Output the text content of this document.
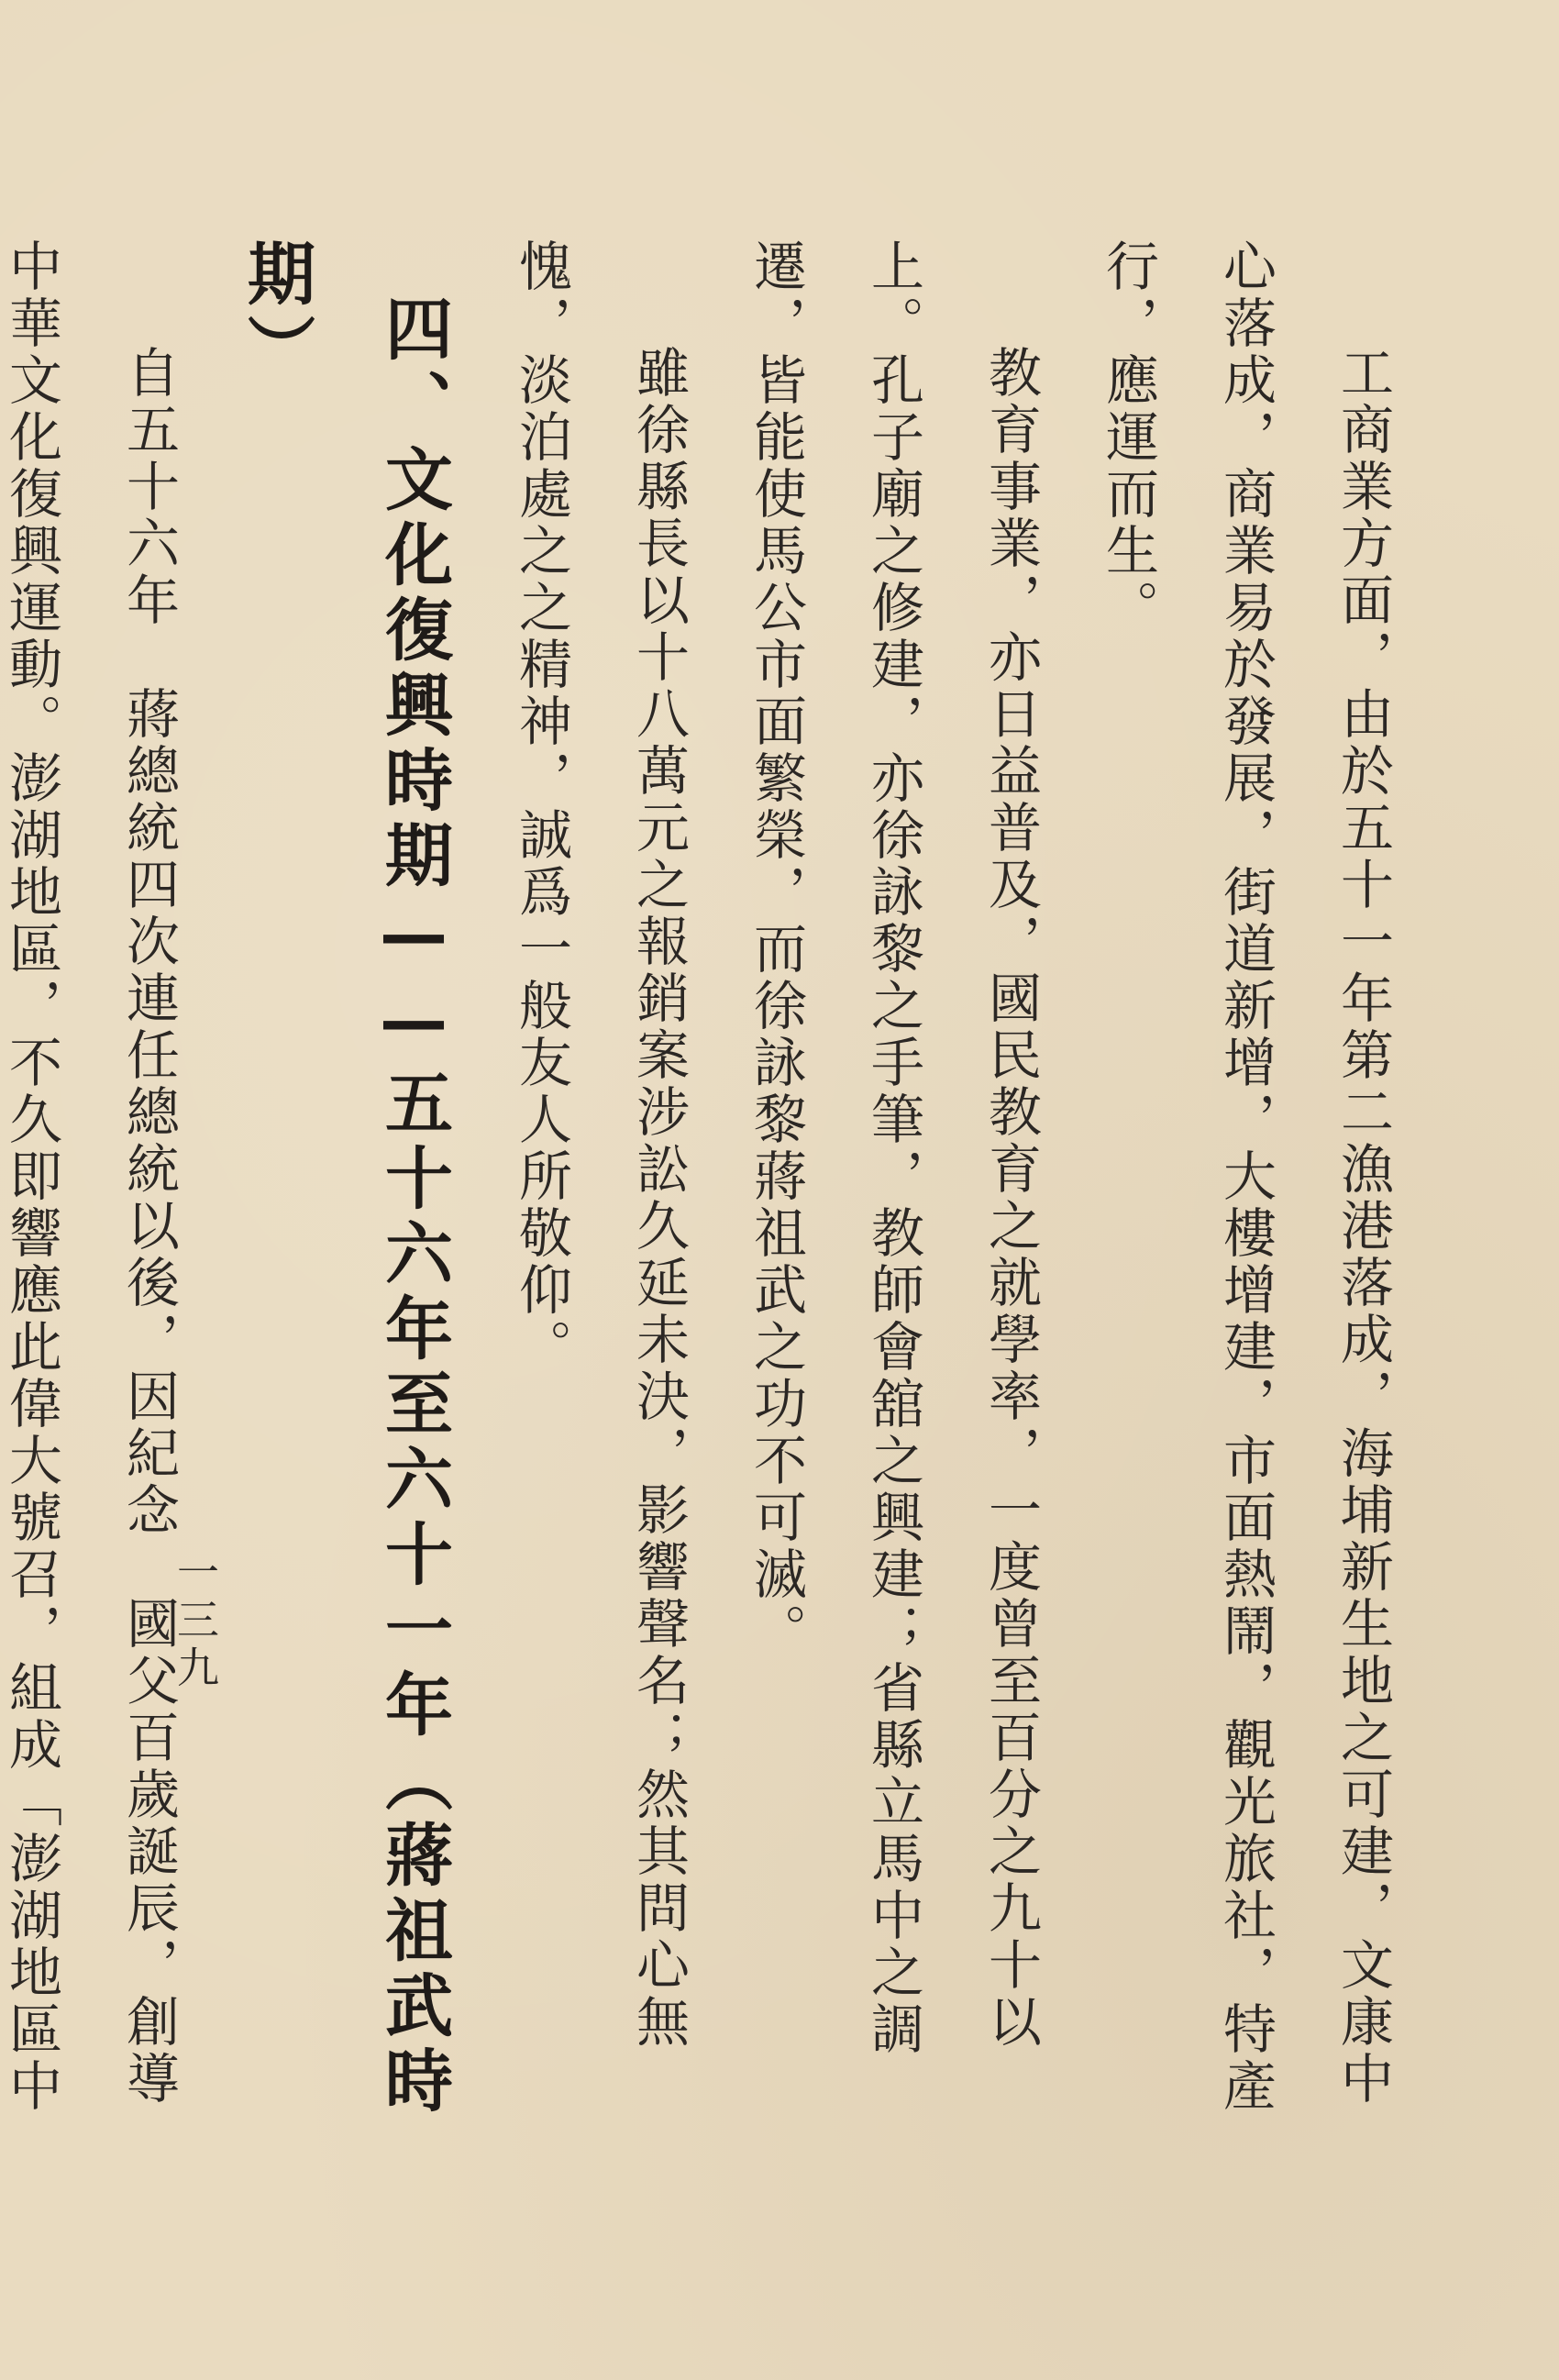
工商業方面，由於五十一年第二漁港落成，海埔新生地之可建，文康中心落成，商業易於發展，街道新增，大樓增建，市面熱鬧，觀光旅社，特產行，應運而生。

教育事業，亦日益普及，國民教育之就學率，一度曾至百分之九十以上。孔子廟之修建，亦徐詠黎之手筆，教師會舘之興建；省縣立馬中之調遷，皆能使馬公市面繁榮，而徐詠黎蔣祖武之功不可滅。

雖徐縣長以十八萬元之報銷案涉訟久延未決，影響聲名；然其問心無愧，淡泊處之之精神，誠爲一般友人所敬仰。

四、文化復興時期——五十六年至六十一年（蔣祖武時期）

自五十六年　蔣總統四次連任總統以後，因紀念　國父百歲誕辰，創導中華文化復興運動。澎湖地區，不久即響應此偉大號召，組成「澎湖地區中

一三九
